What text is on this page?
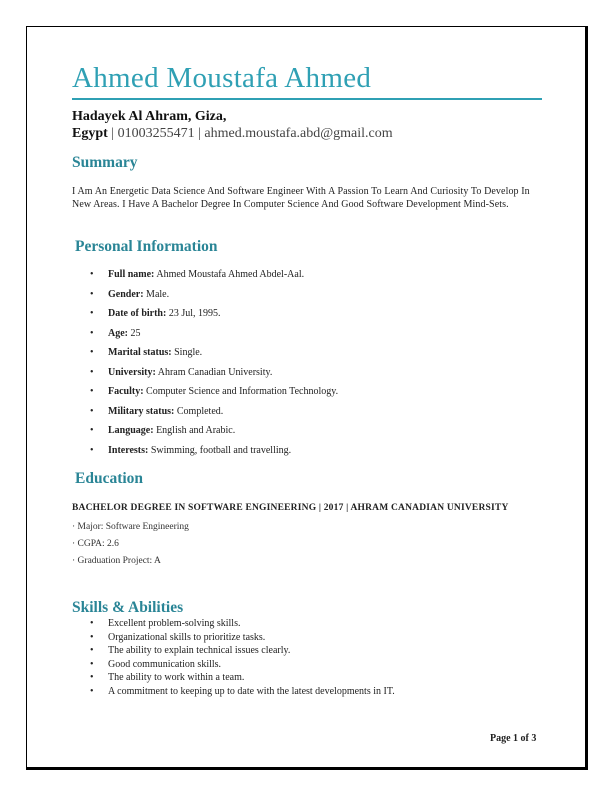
Ahmed Moustafa Ahmed
Hadayek Al Ahram, Giza,
Egypt | 01003255471 | ahmed.moustafa.abd@gmail.com
Summary
I Am An Energetic Data Science And Software Engineer With A Passion To Learn And Curiosity To Develop In New Areas. I Have A Bachelor Degree In Computer Science And Good Software Development Mind-Sets.
Personal Information
• Full name: Ahmed Moustafa Ahmed Abdel-Aal.
• Gender: Male.
• Date of birth: 23 Jul, 1995.
• Age: 25
• Marital status: Single.
• University: Ahram Canadian University.
• Faculty: Computer Science and Information Technology.
• Military status: Completed.
• Language: English and Arabic.
• Interests: Swimming, football and travelling.
Education
BACHELOR DEGREE IN SOFTWARE ENGINEERING | 2017 | AHRAM CANADIAN UNIVERSITY
· Major: Software Engineering
· CGPA: 2.6
· Graduation Project: A
Skills & Abilities
• Excellent problem-solving skills.
• Organizational skills to prioritize tasks.
• The ability to explain technical issues clearly.
• Good communication skills.
• The ability to work within a team.
• A commitment to keeping up to date with the latest developments in IT.
Page 1 of 3
